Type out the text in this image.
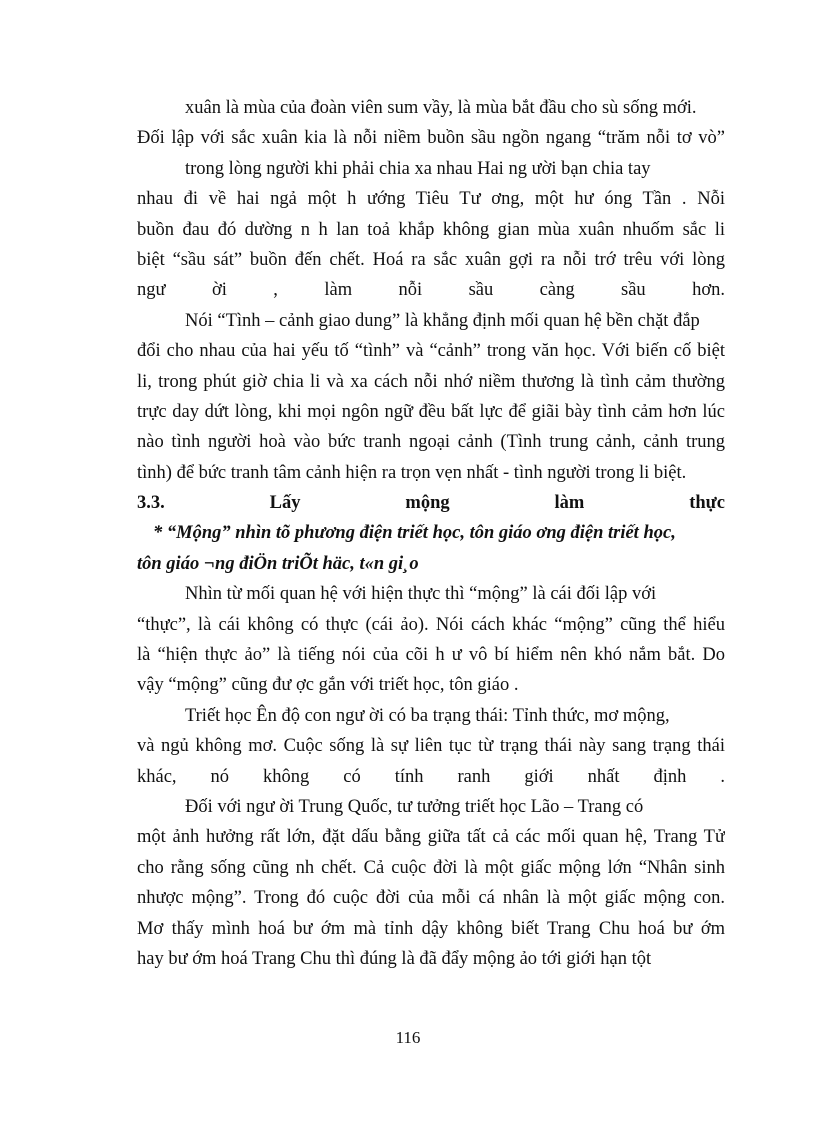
xuân là mùa của đoàn viên sum vầy, là mùa bắt đầu cho sù sống mới.
Đối lập với sắc xuân kia là nỗi niềm buồn sầu ngồn ngang “trăm nỗi tơ vò”
trong lòng người khi phải chia xa nhau Hai ng ười bạn chia tay
nhau đi về hai ngả một h ướng Tiêu Tư ơng, một hư óng Tần . Nỗi
buồn đau đó dường n h lan toả khắp không gian mùa xuân nhuốm sắc li
biệt “sầu sát” buồn đến chết. Hoá ra sắc xuân gợi ra nỗi trớ trêu với lòng
ngư ời , làm nỗi sầu càng sầu hơn.
Nói “Tình – cảnh giao dung” là khẳng định mối quan hệ bền chặt đắp
đổi cho nhau của hai yếu tố “tình” và “cảnh” trong văn học. Với biến cố biệt
li, trong phút giờ chia li và xa cách nỗi nhớ niềm thương là tình cảm thường
trực day dứt lòng, khi mọi ngôn ngữ đều bất lực để giãi bày tình cảm hơn lúc
nào tình người hoà vào bức tranh ngoại cảnh (Tình trung cảnh, cảnh trung
tình) để bức tranh tâm cảnh hiện ra trọn vẹn nhất - tình người trong li biệt.
3.3. Lấy mộng làm thực
* “Mộng” nhìn tõ phương điện triết học, tôn giáo ơng điện triết học,
tôn giáo ¬ng điÖn triÕt häc, t«n gi¸o
Nhìn từ mối quan hệ với hiện thực thì “mộng” là cái đối lập với
“thực”, là cái không có thực (cái ảo). Nói cách khác “mộng” cũng thể hiểu
là “hiện thực ảo” là tiếng nói của cõi h ư vô bí hiểm nên khó nắm bắt. Do
vậy “mộng” cũng đư ợc gắn với triết học, tôn giáo .
Triết học Ên độ con ngư ời có ba trạng thái: Tỉnh thức, mơ mộng,
và ngủ không mơ. Cuộc sống là sự liên tục từ trạng thái này sang trạng thái
khác, nó không có tính ranh giới nhất định .
Đối với ngư ời Trung Quốc, tư tưởng triết học Lão – Trang có
một ảnh hưởng rất lớn, đặt dấu bằng giữa tất cả các mối quan hệ, Trang Tử
cho rằng sống cũng nh chết. Cả cuộc đời là một giấc mộng lớn “Nhân sinh
nhược mộng”. Trong đó cuộc đời của mỗi cá nhân là một giấc mộng con.
Mơ thấy mình hoá bư ớm mà tỉnh dậy không biết Trang Chu hoá bư ớm
hay bư ớm hoá Trang Chu thì đúng là đã đẩy mộng ảo tới giới hạn tột
116
